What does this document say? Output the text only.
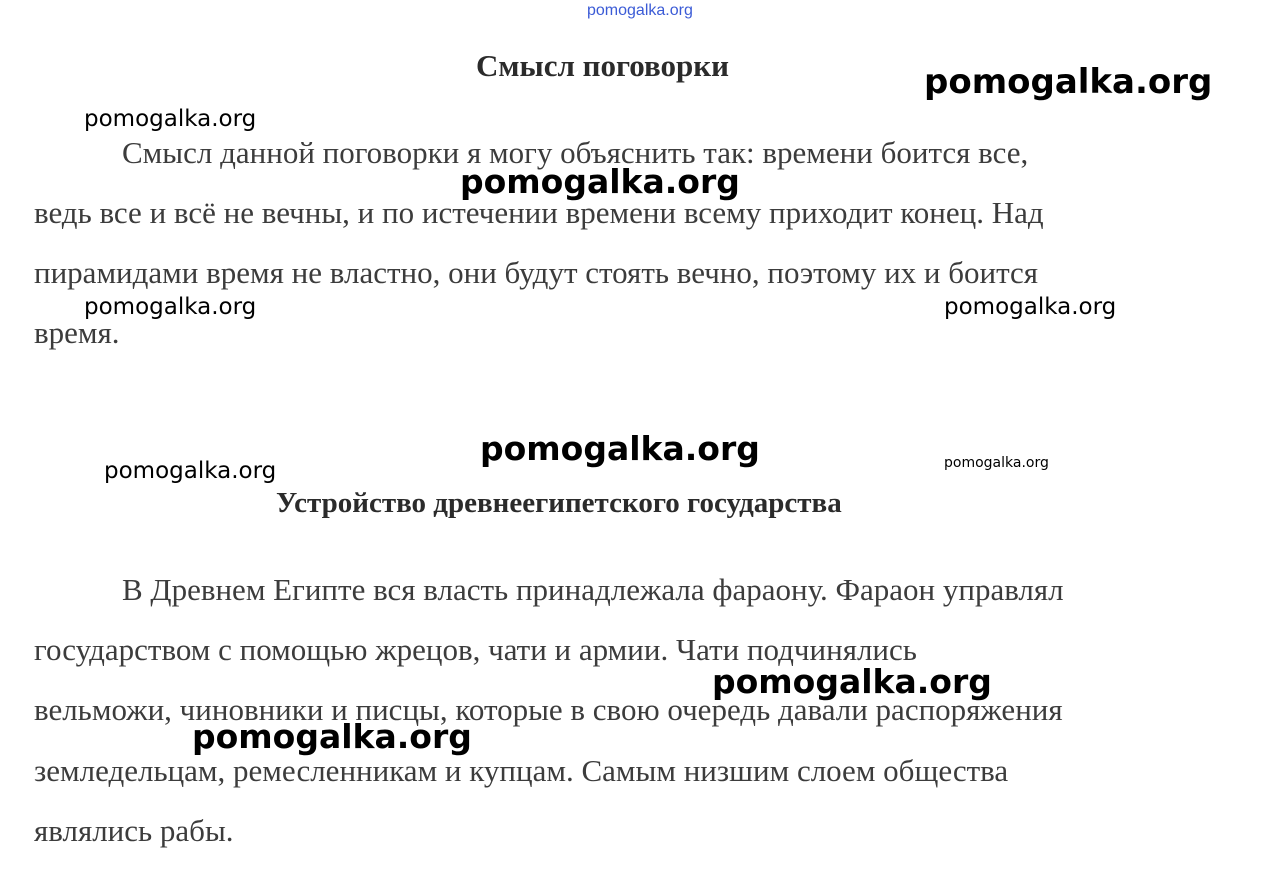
pomogalka.org
Смысл поговорки
Смысл данной поговорки я могу объяснить так: времени боится все,
ведь все и всё не вечны, и по истечении времени всему приходит конец. Над
пирамидами время не властно, они будут стоять вечно, поэтому их и боится
время.
Устройство древнеегипетского государства
В Древнем Египте вся власть принадлежала фараону. Фараон управлял
государством с помощью жрецов, чати и армии. Чати подчинялись
вельможи, чиновники и писцы, которые в свою очередь давали распоряжения
земледельцам, ремесленникам и купцам. Самым низшим слоем общества
являлись рабы.
pomogalka.org
pomogalka.org
pomogalka.org
pomogalka.org	pomogalka.org
pomogalka.org
pomogalka.org	pomogalka.org
pomogalka.org
pomogalka.org
